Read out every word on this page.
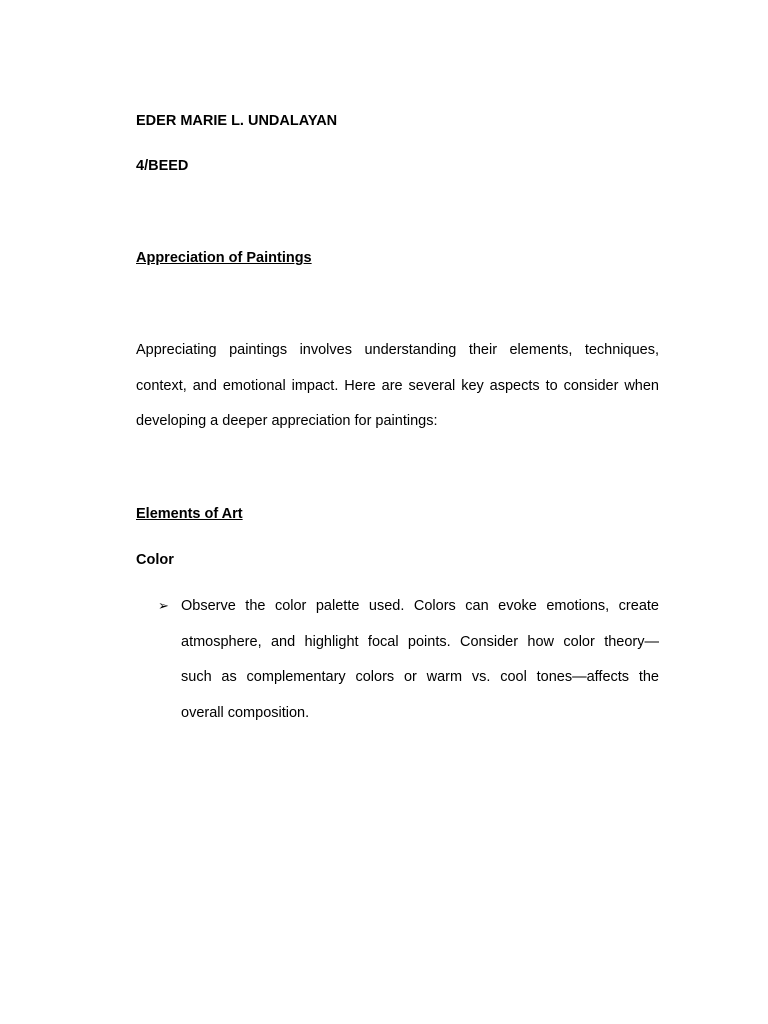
EDER MARIE L. UNDALAYAN
4/BEED
Appreciation of Paintings
Appreciating paintings involves understanding their elements, techniques,
context, and emotional impact. Here are several key aspects to consider when
developing a deeper appreciation for paintings:
Elements of Art
Color
➢ Observe the color palette used. Colors can evoke emotions, create
atmosphere, and highlight focal points. Consider how color theory—
such as complementary colors or warm vs. cool tones—affects the
overall composition.
